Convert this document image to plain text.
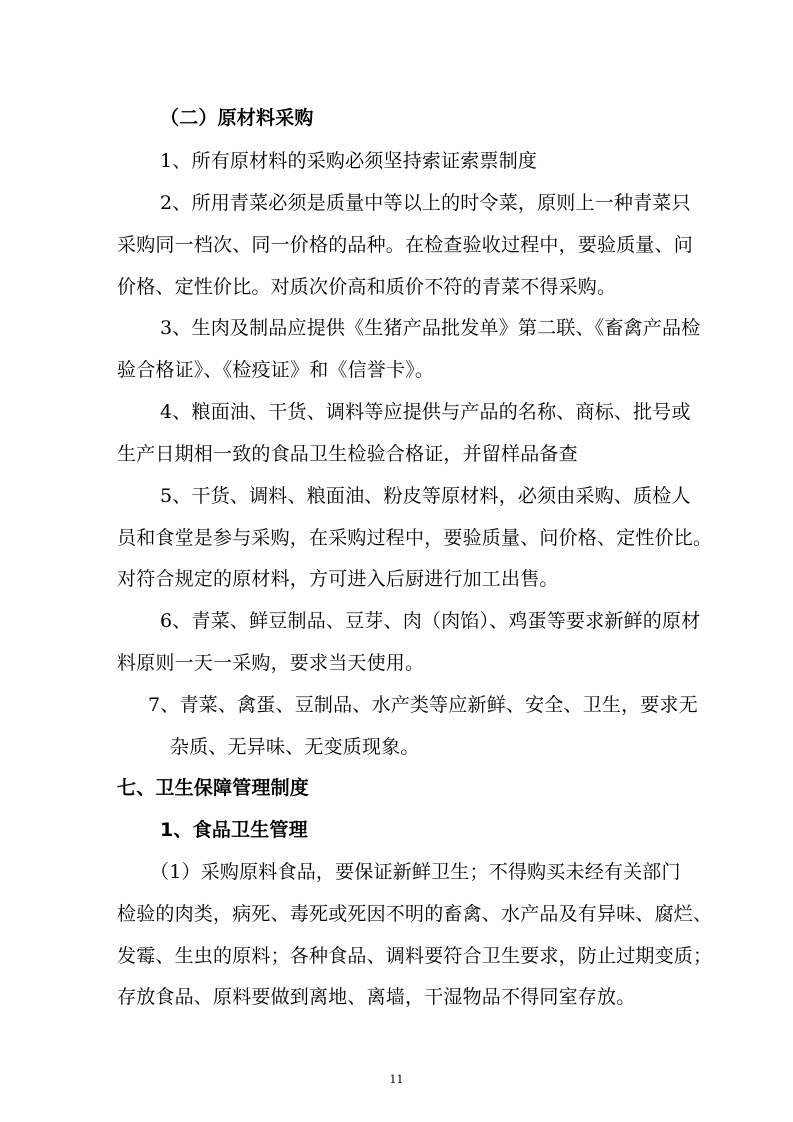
（二）原材料采购
1、所有原材料的采购必须坚持索证索票制度
2、所用青菜必须是质量中等以上的时令菜，原则上一种青菜只
采购同一档次、同一价格的品种。在检查验收过程中，要验质量、问
价格、定性价比。对质次价高和质价不符的青菜不得采购。
3、生肉及制品应提供《生猪产品批发单》第二联、《畜禽产品检
验合格证》、《检疫证》和《信誉卡》。
4、粮面油、干货、调料等应提供与产品的名称、商标、批号或
生产日期相一致的食品卫生检验合格证，并留样品备查
5、干货、调料、粮面油、粉皮等原材料，必须由采购、质检人
员和食堂是参与采购，在采购过程中，要验质量、问价格、定性价比。
对符合规定的原材料，方可进入后厨进行加工出售。
6、青菜、鲜豆制品、豆芽、肉（肉馅）、鸡蛋等要求新鲜的原材
料原则一天一采购，要求当天使用。
7、青菜、禽蛋、豆制品、水产类等应新鲜、安全、卫生，要求无
杂质、无异味、无变质现象。
七、卫生保障管理制度
1、食品卫生管理
（1）采购原料食品，要保证新鲜卫生；不得购买未经有关部门
检验的肉类，病死、毒死或死因不明的畜禽、水产品及有异味、腐烂、
发霉、生虫的原料；各种食品、调料要符合卫生要求，防止过期变质；
存放食品、原料要做到离地、离墙，干湿物品不得同室存放。
11
